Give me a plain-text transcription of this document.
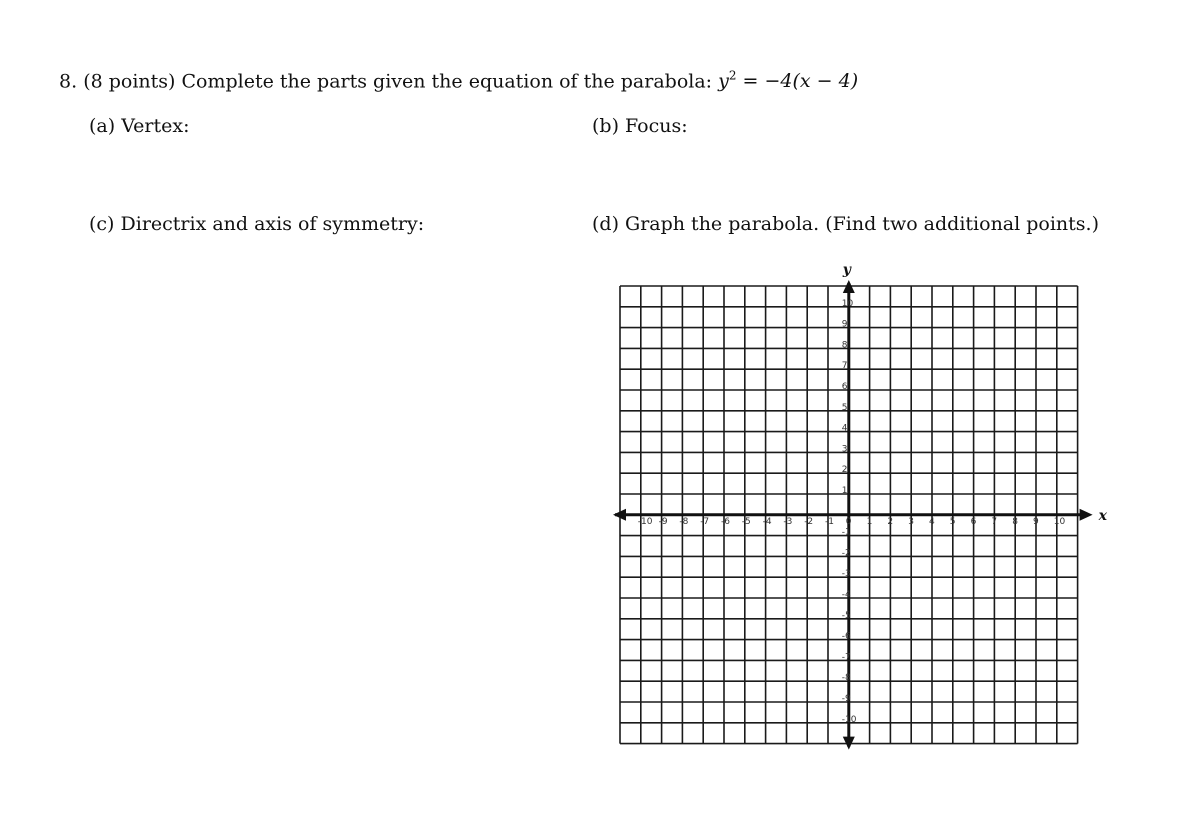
8. (8 points) Complete the parts given the equation of the parabola: $y^2 = -4(x - 4)$
(a) Vertex:	(b) Focus:
(c) Directrix and axis of symmetry:	(d) Graph the parabola. (Find two additional points.)
-10 -9 -8 -7 -6 -5 -4 -3 -2 -1 0 1 2 3 4 5 6 7 8 9 10
10
9
8
7
6
5
4
3
2
1
-1
-2
-3
-4
-5
-6
-7
-8
-9
-10
x
y
